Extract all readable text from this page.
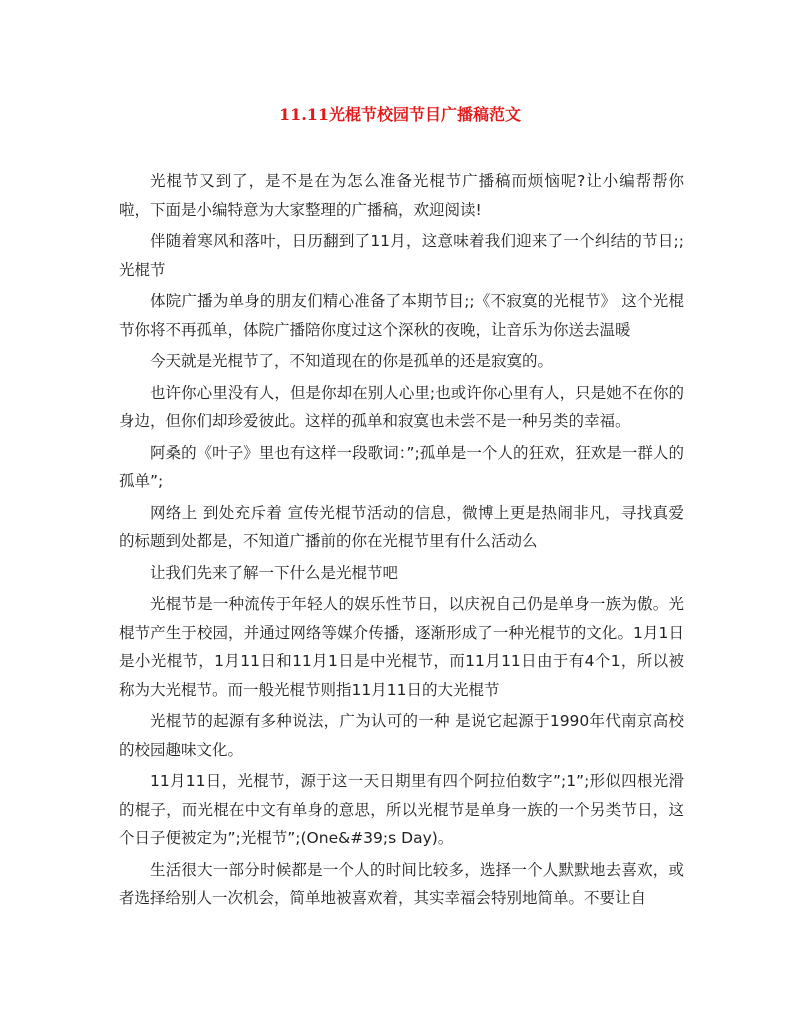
11.11光棍节校园节目广播稿范文

光棍节又到了，是不是在为怎么准备光棍节广播稿而烦恼呢?让小编帮帮你啦，下面是小编特意为大家整理的广播稿，欢迎阅读!

伴随着寒风和落叶，日历翻到了11月，这意味着我们迎来了一个纠结的节日;;光棍节

体院广播为单身的朋友们精心准备了本期节目;;《不寂寞的光棍节》 这个光棍节你将不再孤单，体院广播陪你度过这个深秋的夜晚，让音乐为你送去温暖

今天就是光棍节了，不知道现在的你是孤单的还是寂寞的。

也许你心里没有人，但是你却在别人心里;也或许你心里有人，只是她不在你的身边，但你们却珍爱彼此。这样的孤单和寂寞也未尝不是一种另类的幸福。

阿桑的《叶子》里也有这样一段歌词：”;孤单是一个人的狂欢，狂欢是一群人的孤单”;

网络上 到处充斥着 宣传光棍节活动的信息，微博上更是热闹非凡，寻找真爱的标题到处都是，不知道广播前的你在光棍节里有什么活动么

让我们先来了解一下什么是光棍节吧

光棍节是一种流传于年轻人的娱乐性节日，以庆祝自己仍是单身一族为傲。光棍节产生于校园，并通过网络等媒介传播，逐渐形成了一种光棍节的文化。1月1日是小光棍节，1月11日和11月1日是中光棍节，而11月11日由于有4个1，所以被称为大光棍节。而一般光棍节则指11月11日的大光棍节

光棍节的起源有多种说法，广为认可的一种 是说它起源于1990年代南京高校的校园趣味文化。

11月11日，光棍节，源于这一天日期里有四个阿拉伯数字”;1”;形似四根光滑的棍子，而光棍在中文有单身的意思，所以光棍节是单身一族的一个另类节日，这个日子便被定为”;光棍节”;(One&#39;s Day)。

生活很大一部分时候都是一个人的时间比较多，选择一个人默默地去喜欢，或者选择给别人一次机会，简单地被喜欢着，其实幸福会特别地简单。不要让自
